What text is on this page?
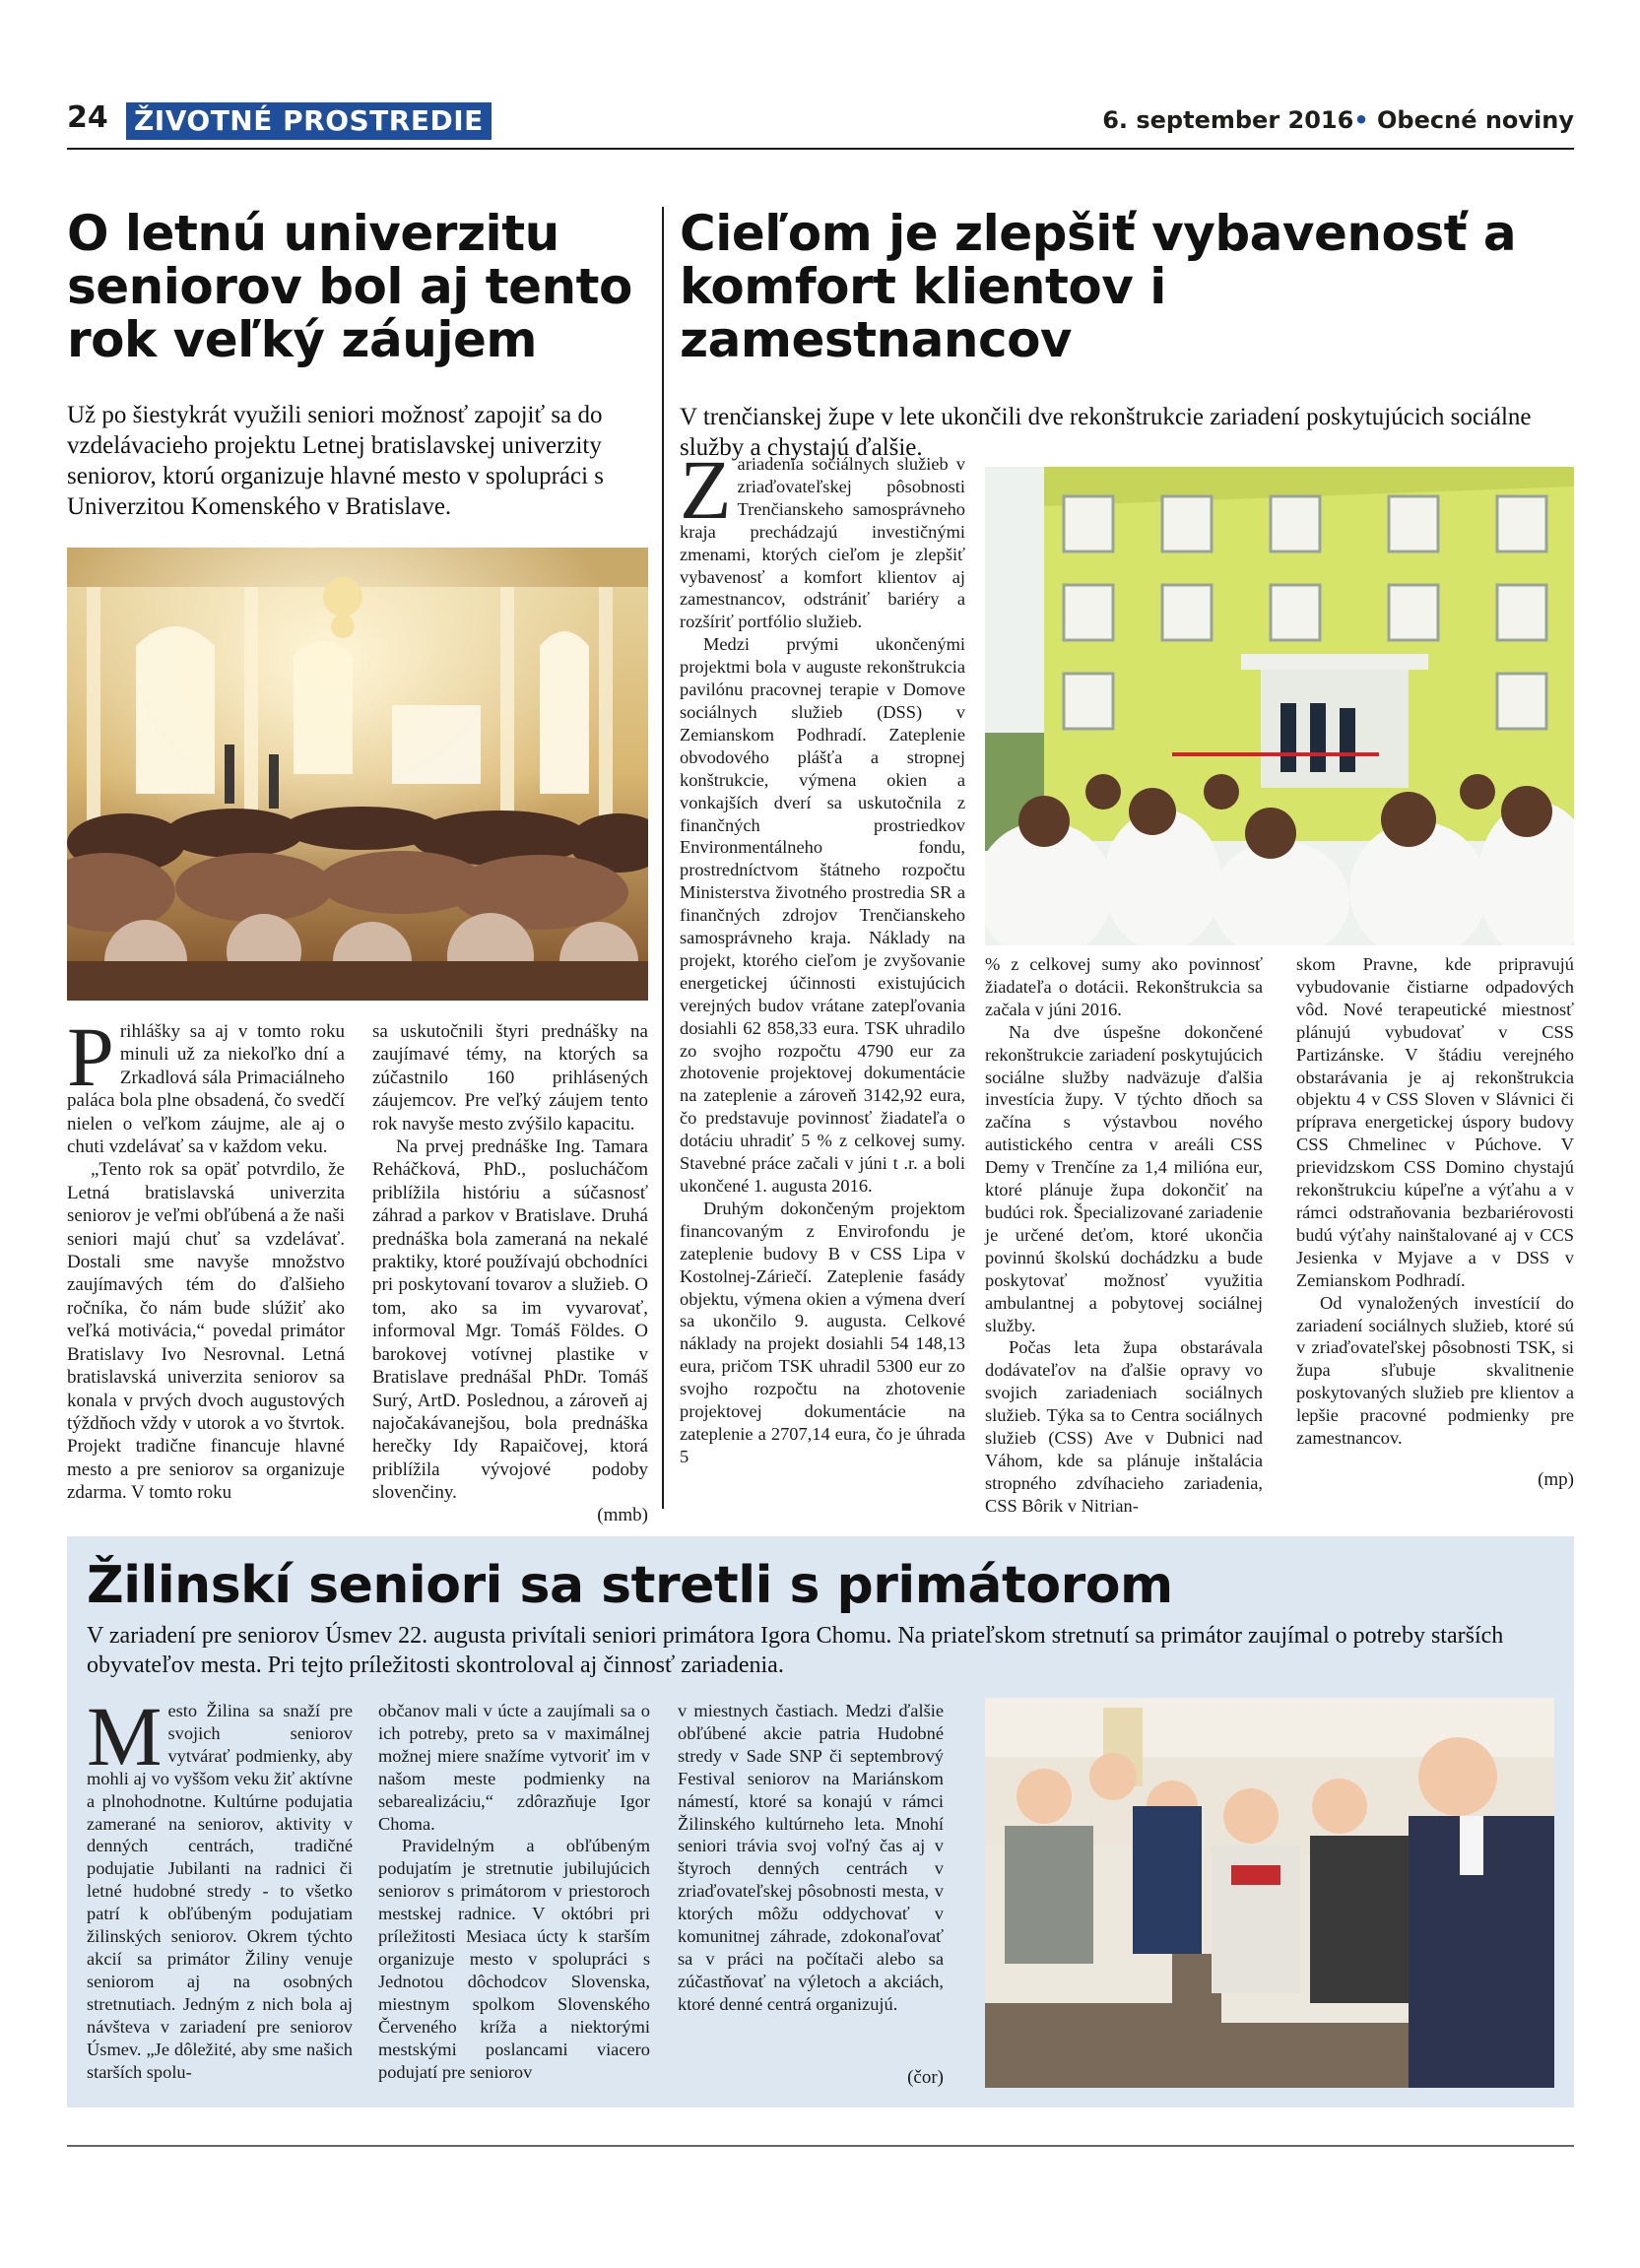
24 ŽIVOTNÉ PROSTREDIE	6. september 2016• Obecné noviny
O letnú univerzitu seniorov bol aj tento rok veľký záujem

Už po šiestykrát využili seniori možnosť zapojiť sa do vzdelávacieho projektu Letnej bratislavskej univerzity seniorov, ktorú organizuje hlavné mesto v spolupráci s Univerzitou Komenského v Bratislave.

Prihlášky sa aj v tomto roku minuli už za niekoľko dní a Zrkadlová sála Primaciálneho paláca bola plne obsadená, čo svedčí nielen o veľkom záujme, ale aj o chuti vzdelávať sa v každom veku.

„Tento rok sa opäť potvrdilo, že Letná bratislavská univerzita seniorov je veľmi obľúbená a že naši seniori majú chuť sa vzdelávať. Dostali sme navyše množstvo zaujímavých tém do ďalšieho ročníka, čo nám bude slúžiť ako veľká motivácia,“ povedal primátor Bratislavy Ivo Nesrovnal. Letná bratislavská univerzita seniorov sa konala v prvých dvoch augustových týždňoch vždy v utorok a vo štvrtok. Projekt tradične financuje hlavné mesto a pre seniorov sa organizuje zdarma. V tomto roku

sa uskutočnili štyri prednášky na zaujímavé témy, na ktorých sa zúčastnilo 160 prihlásených záujemcov. Pre veľký záujem tento rok navyše mesto zvýšilo kapacitu.

Na prvej prednáške Ing. Tamara Reháčková, PhD., poslucháčom priblížila históriu a súčasnosť záhrad a parkov v Bratislave. Druhá prednáška bola zameraná na nekalé praktiky, ktoré používajú obchodníci pri poskytovaní tovarov a služieb. O tom, ako sa im vyvarovať, informoval Mgr. Tomáš Földes. O barokovej votívnej plastike v Bratislave prednášal PhDr. Tomáš Surý, ArtD. Poslednou, a zároveň aj najočakávanejšou, bola prednáška herečky Idy Rapaičovej, ktorá priblížila vývojové podoby slovenčiny.

(mmb)

Cieľom je zlepšiť vybavenosť a komfort klientov i zamestnancov

V trenčianskej župe v lete ukončili dve rekonštrukcie zariadení poskytujúcich sociálne služby a chystajú ďalšie.

Zariadenia sociálnych služieb v zriaďovateľskej pôsobnosti Trenčianskeho samosprávneho kraja prechádzajú investičnými zmenami, ktorých cieľom je zlepšiť vybavenosť a komfort klientov aj zamestnancov, odstrániť bariéry a rozšíriť portfólio služieb.

Medzi prvými ukončenými projektmi bola v auguste rekonštrukcia pavilónu pracovnej terapie v Domove sociálnych služieb (DSS) v Zemianskom Podhradí. Zateplenie obvodového plášťa a stropnej konštrukcie, výmena okien a vonkajších dverí sa uskutočnila z finančných prostriedkov Environmentálneho fondu, prostredníctvom štátneho rozpočtu Ministerstva životného prostredia SR a finančných zdrojov Trenčianskeho samosprávneho kraja. Náklady na projekt, ktorého cieľom je zvyšovanie energetickej účinnosti existujúcich verejných budov vrátane zatepľovania dosiahli 62 858,33 eura. TSK uhradilo zo svojho rozpočtu 4790 eur za zhotovenie projektovej dokumentácie na zateplenie a zároveň 3142,92 eura, čo predstavuje povinnosť žiadateľa o dotáciu uhradiť 5 % z celkovej sumy. Stavebné práce začali v júni t .r. a boli ukončené 1. augusta 2016.

Druhým dokončeným projektom financovaným z Envirofondu je zateplenie budovy B v CSS Lipa v Kostolnej-Záriečí. Zateplenie fasády objektu, výmena okien a výmena dverí sa ukončilo 9. augusta. Celkové náklady na projekt dosiahli 54 148,13 eura, pričom TSK uhradil 5300 eur zo svojho rozpočtu na zhotovenie projektovej dokumentácie na zateplenie a 2707,14 eura, čo je úhrada 5

% z celkovej sumy ako povinnosť žiadateľa o dotácii. Rekonštrukcia sa začala v júni 2016.

Na dve úspešne dokončené rekonštrukcie zariadení poskytujúcich sociálne služby nadväzuje ďalšia investícia župy. V týchto dňoch sa začína s výstavbou nového autistického centra v areáli CSS Demy v Trenčíne za 1,4 milióna eur, ktoré plánuje župa dokončiť na budúci rok. Špecializované zariadenie je určené deťom, ktoré ukončia povinnú školskú dochádzku a bude poskytovať možnosť využitia ambulantnej a pobytovej sociálnej služby.

Počas leta župa obstarávala dodávateľov na ďalšie opravy vo svojich zariadeniach sociálnych služieb. Týka sa to Centra sociálnych služieb (CSS) Ave v Dubnici nad Váhom, kde sa plánuje inštalácia stropného zdvíhacieho zariadenia, CSS Bôrik v Nitrian-

skom Pravne, kde pripravujú vybudovanie čistiarne odpadových vôd. Nové terapeutické miestnosť plánujú vybudovať v CSS Partizánske. V štádiu verejného obstarávania je aj rekonštrukcia objektu 4 v CSS Sloven v Slávnici či príprava energetickej úspory budovy CSS Chmelinec v Púchove. V prievidzskom CSS Domino chystajú rekonštrukciu kúpeľne a výťahu a v rámci odstraňovania bezbariérovosti budú výťahy nainštalované aj v CCS Jesienka v Myjave a v DSS v Zemianskom Podhradí.

Od vynaložených investícií do zariadení sociálnych služieb, ktoré sú v zriaďovateľskej pôsobnosti TSK, si župa sľubuje skvalitnenie poskytovaných služieb pre klientov a lepšie pracovné podmienky pre zamestnancov.

(mp)

Žilinskí seniori sa stretli s primátorom

V zariadení pre seniorov Úsmev 22. augusta privítali seniori primátora Igora Chomu. Na priateľskom stretnutí sa primátor zaujímal o potreby starších obyvateľov mesta. Pri tejto príležitosti skontroloval aj činnosť zariadenia.

Mesto Žilina sa snaží pre svojich seniorov vytvárať podmienky, aby mohli aj vo vyššom veku žiť aktívne a plnohodnotne. Kultúrne podujatia zamerané na seniorov, aktivity v denných centrách, tradičné podujatie Jubilanti na radnici či letné hudobné stredy - to všetko patrí k obľúbeným podujatiam žilinských seniorov. Okrem týchto akcií sa primátor Žiliny venuje seniorom aj na osobných stretnutiach. Jedným z nich bola aj návšteva v zariadení pre seniorov Úsmev. „Je dôležité, aby sme našich starších spolu-

občanov mali v úcte a zaujímali sa o ich potreby, preto sa v maximálnej možnej miere snažíme vytvoriť im v našom meste podmienky na sebarealizáciu,“ zdôrazňuje Igor Choma.

Pravidelným a obľúbeným podujatím je stretnutie jubilujúcich seniorov s primátorom v priestoroch mestskej radnice. V októbri pri príležitosti Mesiaca úcty k starším organizuje mesto v spolupráci s Jednotou dôchodcov Slovenska, miestnym spolkom Slovenského Červeného kríža a niektorými mestskými poslancami viacero podujatí pre seniorov

v miestnych častiach. Medzi ďalšie obľúbené akcie patria Hudobné stredy v Sade SNP či septembrový Festival seniorov na Mariánskom námestí, ktoré sa konajú v rámci Žilinského kultúrneho leta. Mnohí seniori trávia svoj voľný čas aj v štyroch denných centrách v zriaďovateľskej pôsobnosti mesta, v ktorých môžu oddychovať v komunitnej záhrade, zdokonaľovať sa v práci na počítači alebo sa zúčastňovať na výletoch a akciách, ktoré denné centrá organizujú.

(čor)
